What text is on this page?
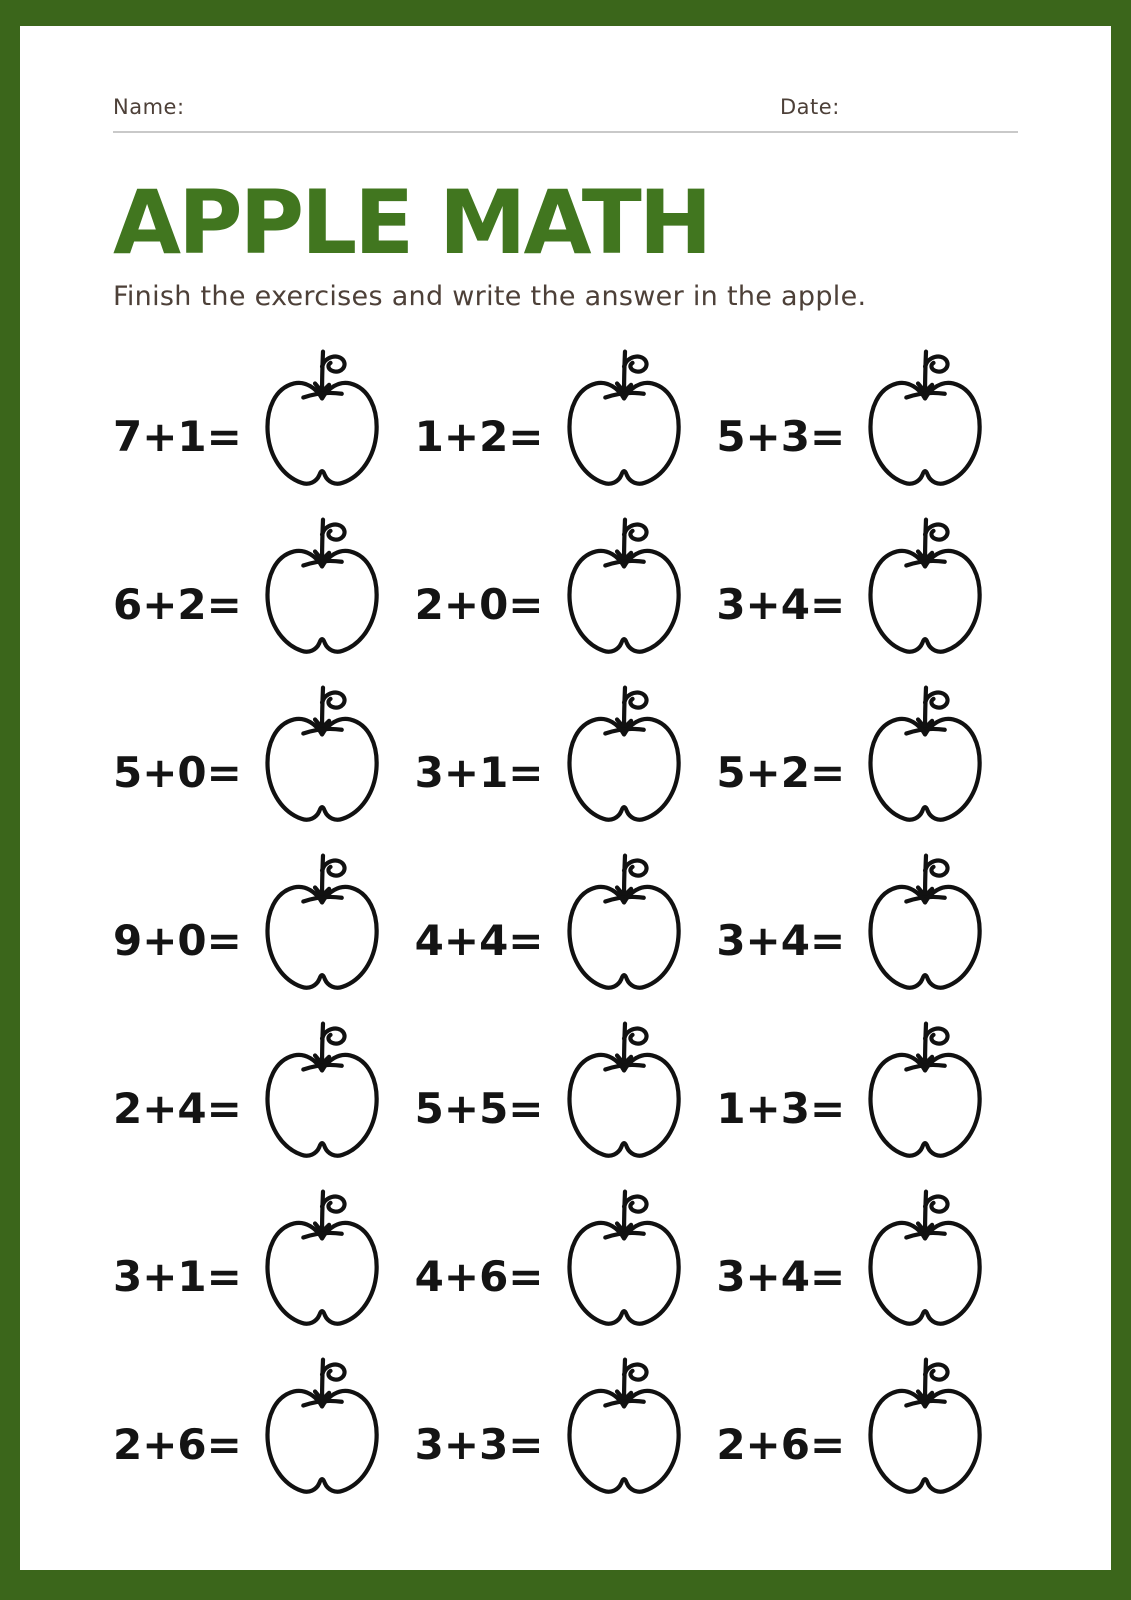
Name:	Date:
APPLE MATH

Finish the exercises and write the answer in the apple.

7+1=	1+2=	5+3=
6+2=	2+0=	3+4=
5+0=	3+1=	5+2=
9+0=	4+4=	3+4=
2+4=	5+5=	1+3=
3+1=	4+6=	3+4=
2+6=	3+3=	2+6=
